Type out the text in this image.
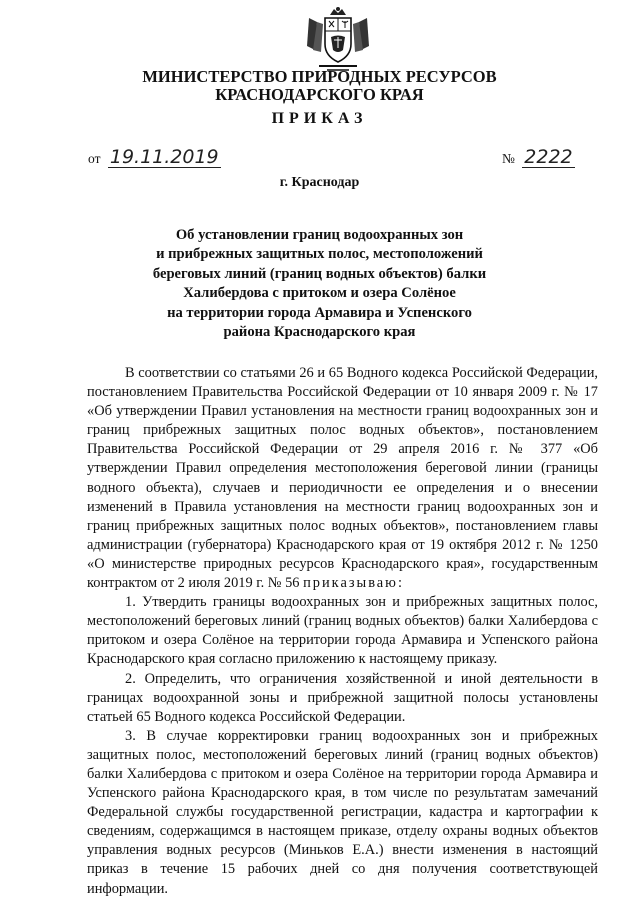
МИНИСТЕРСТВО ПРИРОДНЫХ РЕСУРСОВ
КРАСНОДАРСКОГО КРАЯ
ПРИКАЗ
от 19.11.2019	№ 2222
г. Краснодар
Об установлении границ водоохранных зон
и прибрежных защитных полос, местоположений
береговых линий (границ водных объектов) балки
Халибердова с притоком и озера Солёное
на территории города Армавира и Успенского
района Краснодарского края

В соответствии со статьями 26 и 65 Водного кодекса Российской Федерации, постановлением Правительства Российской Федерации от 10 января 2009 г. № 17 «Об утверждении Правил установления на местности границ водоохранных зон и границ прибрежных защитных полос водных объектов», постановлением Правительства Российской Федерации от 29 апреля 2016 г. № 377 «Об утверждении Правил определения местоположения береговой линии (границы водного объекта), случаев и периодичности ее определения и о внесении изменений в Правила установления на местности границ водоохранных зон и границ прибрежных защитных полос водных объектов», постановлением главы администрации (губернатора) Краснодарского края от 19 октября 2012 г. № 1250 «О министерстве природных ресурсов Краснодарского края», государственным контрактом от 2 июля 2019 г. № 56 приказываю:

1. Утвердить границы водоохранных зон и прибрежных защитных полос, местоположений береговых линий (границ водных объектов) балки Халибердова с притоком и озера Солёное на территории города Армавира и Успенского района Краснодарского края согласно приложению к настоящему приказу.

2. Определить, что ограничения хозяйственной и иной деятельности в границах водоохранной зоны и прибрежной защитной полосы установлены статьей 65 Водного кодекса Российской Федерации.

3. В случае корректировки границ водоохранных зон и прибрежных защитных полос, местоположений береговых линий (границ водных объектов) балки Халибердова с притоком и озера Солёное на территории города Армавира и Успенского района Краснодарского края, в том числе по результатам замечаний Федеральной службы государственной регистрации, кадастра и картографии к сведениям, содержащимся в настоящем приказе, отделу охраны водных объектов управления водных ресурсов (Миньков Е.А.) внести изменения в настоящий приказ в течение 15 рабочих дней со дня получения соответствующей информации.
